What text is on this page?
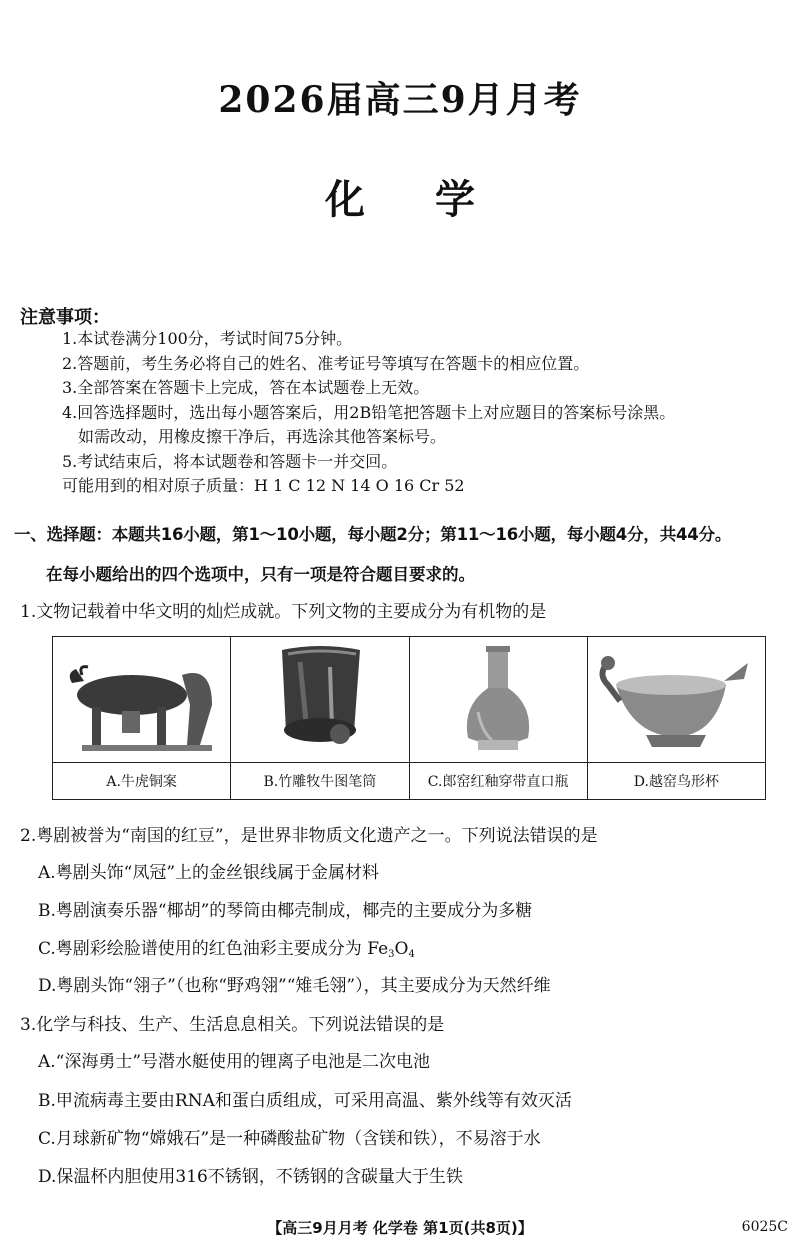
2026届高三9月月考
化学
注意事项：
1.本试卷满分100分，考试时间75分钟。
2.答题前，考生务必将自己的姓名、准考证号等填写在答题卡的相应位置。
3.全部答案在答题卡上完成，答在本试题卷上无效。
4.回答选择题时，选出每小题答案后，用2B铅笔把答题卡上对应题目的答案标号涂黑。
如需改动，用橡皮擦干净后，再选涂其他答案标号。
5.考试结束后，将本试题卷和答题卡一并交回。
可能用到的相对原子质量：H 1 C 12 N 14 O 16 Cr 52
一、选择题：本题共16小题，第1～10小题，每小题2分；第11～16小题，每小题4分，共44分。
在每小题给出的四个选项中，只有一项是符合题目要求的。
1.文物记载着中华文明的灿烂成就。下列文物的主要成分为有机物的是
A.牛虎铜案	B.竹雕牧牛图笔筒	C.郎窑红釉穿带直口瓶	D.越窑鸟形杯
2.粤剧被誉为“南国的红豆”，是世界非物质文化遗产之一。下列说法错误的是
A.粤剧头饰“凤冠”上的金丝银线属于金属材料
B.粤剧演奏乐器“椰胡”的琴筒由椰壳制成，椰壳的主要成分为多糖
C.粤剧彩绘脸谱使用的红色油彩主要成分为 $Fe_3O_4$
D.粤剧头饰“翎子”（也称“野鸡翎”“雉毛翎”），其主要成分为天然纤维
3.化学与科技、生产、生活息息相关。下列说法错误的是
A.“深海勇士”号潜水艇使用的锂离子电池是二次电池
B.甲流病毒主要由RNA和蛋白质组成，可采用高温、紫外线等有效灭活
C.月球新矿物“嫦娥石”是一种磷酸盐矿物（含镁和铁），不易溶于水
D.保温杯内胆使用316不锈钢，不锈钢的含碳量大于生铁
【高三9月月考 化学卷 第1页(共8页)】	6025C
